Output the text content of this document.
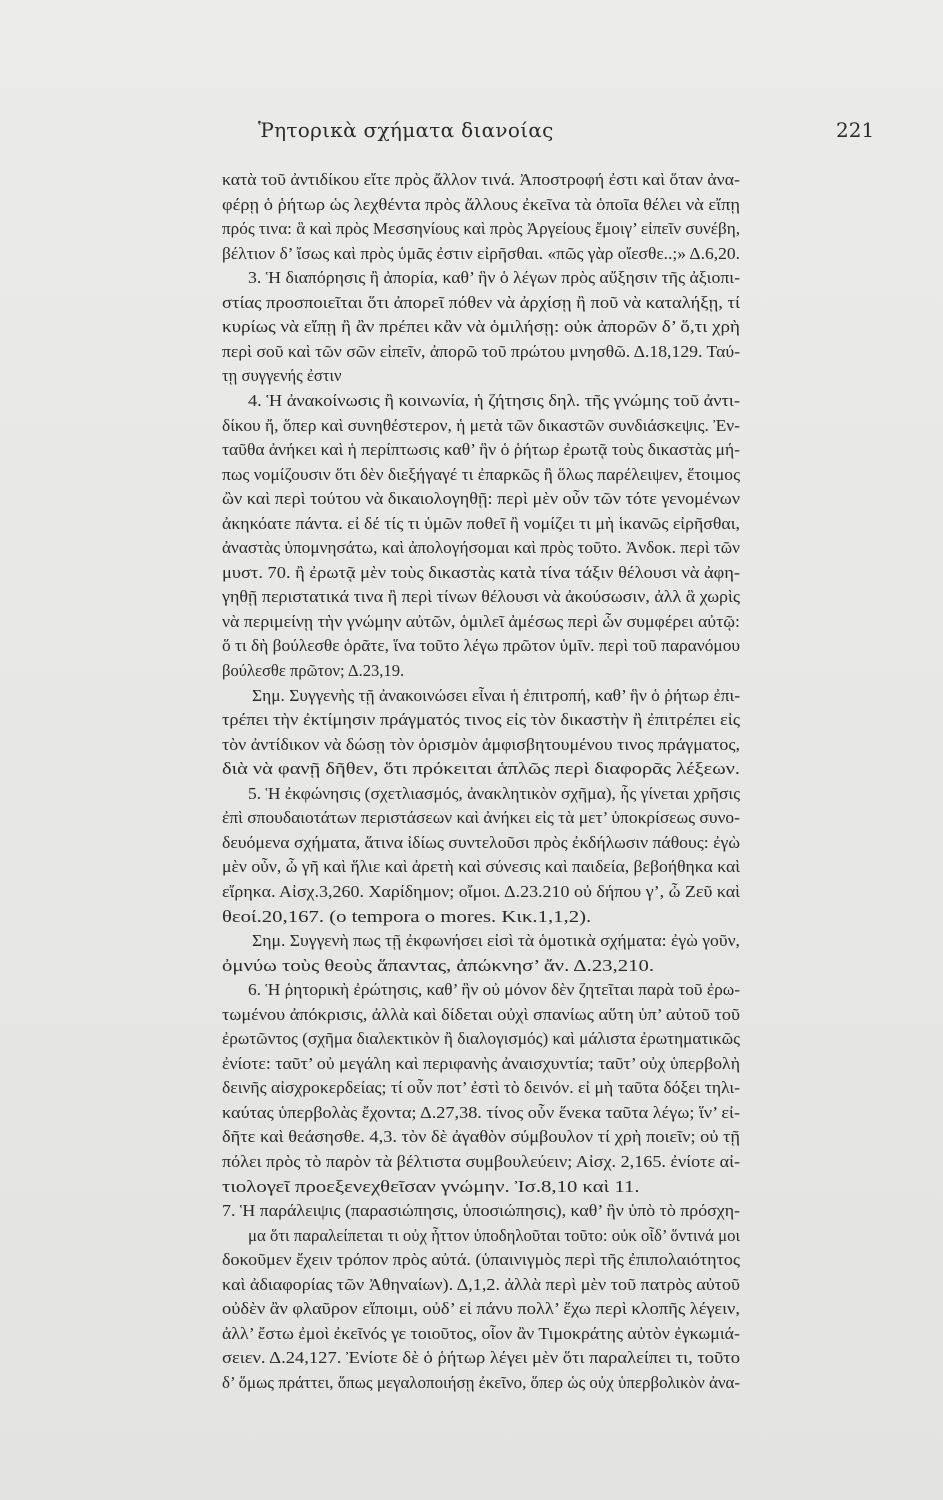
Ῥητορικὰ σχήματα διανοίας	221
κατὰ τοῦ ἀντιδίκου εἴτε πρὸς ἄλλον τινά. Ἀποστροφή ἐστι καὶ ὅταν ἀνα-
φέρῃ ὁ ῥήτωρ ὡς λεχθέντα πρὸς ἄλλους ἐκεῖνα τὰ ὁποῖα θέλει νὰ εἴπῃ
πρός τινα: ἃ καὶ πρὸς Μεσσηνίους καὶ πρὸς Ἀργείους ἔμοιγ’ εἰπεῖν συνέβη,
βέλτιον δ’ ἴσως καὶ πρὸς ὑμᾶς ἐστιν εἰρῆσθαι. «πῶς γὰρ οἴεσθε..;» Δ.6,20.
3. Ἡ διαπόρησις ἢ ἀπορία, καθ’ ἣν ὁ λέγων πρὸς αὔξησιν τῆς ἀξιοπι-
στίας προσποιεῖται ὅτι ἀπορεῖ πόθεν νὰ ἀρχίσῃ ἢ ποῦ νὰ καταλήξῃ, τί
κυρίως νὰ εἴπῃ ἢ ἂν πρέπει κἂν νὰ ὁμιλήσῃ: οὐκ ἀπορῶν δ’ ὅ,τι χρὴ
περὶ σοῦ καὶ τῶν σῶν εἰπεῖν, ἀπορῶ τοῦ πρώτου μνησθῶ. Δ.18,129. Ταύ-
τῃ συγγενής ἐστιν
4. Ἡ ἀνακοίνωσις ἢ κοινωνία, ἡ ζήτησις δηλ. τῆς γνώμης τοῦ ἀντι-
δίκου ἤ, ὅπερ καὶ συνηθέστερον, ἡ μετὰ τῶν δικαστῶν συνδιάσκεψις. Ἐν-
ταῦθα ἀνήκει καὶ ἡ περίπτωσις καθ’ ἣν ὁ ῥήτωρ ἐρωτᾷ τοὺς δικαστὰς μή-
πως νομίζουσιν ὅτι δὲν διεξήγαγέ τι ἐπαρκῶς ἢ ὅλως παρέλειψεν, ἕτοιμος
ὢν καὶ περὶ τούτου νὰ δικαιολογηθῇ: περὶ μὲν οὖν τῶν τότε γενομένων
ἀκηκόατε πάντα. εἰ δέ τίς τι ὑμῶν ποθεῖ ἢ νομίζει τι μὴ ἱκανῶς εἰρῆσθαι,
ἀναστὰς ὑπομνησάτω, καὶ ἀπολογήσομαι καὶ πρὸς τοῦτο. Ἀνδοκ. περὶ τῶν
μυστ. 70. ἢ ἐρωτᾷ μὲν τοὺς δικαστὰς κατὰ τίνα τάξιν θέλουσι νὰ ἀφη-
γηθῇ περιστατικά τινα ἢ περὶ τίνων θέλουσι νὰ ἀκούσωσιν, ἀλλ ἃ χωρὶς
νὰ περιμείνῃ τὴν γνώμην αὐτῶν, ὁμιλεῖ ἀμέσως περὶ ὧν συμφέρει αὐτῷ:
ὅ τι δὴ βούλεσθε ὁρᾶτε, ἵνα τοῦτο λέγω πρῶτον ὑμῖν. περὶ τοῦ παρανόμου
βούλεσθε πρῶτον; Δ.23,19.
Σημ. Συγγενὴς τῇ ἀνακοινώσει εἶναι ἡ ἐπιτροπή, καθ’ ἣν ὁ ῥήτωρ ἐπι-
τρέπει τὴν ἐκτίμησιν πράγματός τινος εἰς τὸν δικαστὴν ἢ ἐπιτρέπει εἰς
τὸν ἀντίδικον νὰ δώσῃ τὸν ὁρισμὸν ἀμφισβητουμένου τινος πράγματος,
διὰ νὰ φανῇ δῆθεν, ὅτι πρόκειται ἁπλῶς περὶ διαφορᾶς λέξεων.
5. Ἡ ἐκφώνησις (σχετλιασμός, ἀνακλητικὸν σχῆμα), ἧς γίνεται χρῆσις
ἐπὶ σπουδαιοτάτων περιστάσεων καὶ ἀνήκει εἰς τὰ μετ’ ὑποκρίσεως συνο-
δευόμενα σχήματα, ἅτινα ἰδίως συντελοῦσι πρὸς ἐκδήλωσιν πάθους: ἐγὼ
μὲν οὖν, ὦ γῆ καὶ ἥλιε καὶ ἀρετὴ καὶ σύνεσις καὶ παιδεία, βεβοήθηκα καὶ
εἴρηκα. Αἰσχ.3,260. Χαρίδημον; οἴμοι. Δ.23.210 οὐ δήπου γ’, ὦ Ζεῦ καὶ
θεοί.20,167. (o tempora o mores. Κικ.1,1,2).
Σημ. Συγγενὴ πως τῇ ἐκφωνήσει εἰσὶ τὰ ὁμοτικὰ σχήματα: ἐγὼ γοῦν,
ὀμνύω τοὺς θεοὺς ἅπαντας, ἀπώκνησ’ ἄν. Δ.23,210.
6. Ἡ ῥητορικὴ ἐρώτησις, καθ’ ἣν οὐ μόνον δὲν ζητεῖται παρὰ τοῦ ἐρω-
τωμένου ἀπόκρισις, ἀλλὰ καὶ δίδεται οὐχὶ σπανίως αὕτη ὑπ’ αὐτοῦ τοῦ
ἐρωτῶντος (σχῆμα διαλεκτικὸν ἢ διαλογισμός) καὶ μάλιστα ἐρωτηματικῶς
ἐνίοτε: ταῦτ’ οὐ μεγάλη καὶ περιφανὴς ἀναισχυντία; ταῦτ’ οὐχ ὑπερβολὴ
δεινῆς αἰσχροκερδείας; τί οὖν ποτ’ ἐστὶ τὸ δεινόν. εἰ μὴ ταῦτα δόξει τηλι-
καύτας ὑπερβολὰς ἔχοντα; Δ.27,38. τίνος οὖν ἕνεκα ταῦτα λέγω; ἵν’ εἰ-
δῆτε καὶ θεάσησθε. 4,3. τὸν δὲ ἀγαθὸν σύμβουλον τί χρὴ ποιεῖν; οὐ τῇ
πόλει πρὸς τὸ παρὸν τὰ βέλτιστα συμβουλεύειν; Αἰσχ. 2,165. ἐνίοτε αἰ-
τιολογεῖ προεξενεχθεῖσαν γνώμην. Ἰσ.8,10 καὶ 11.
7. Ἡ παράλειψις (παρασιώπησις, ὑποσιώπησις), καθ’ ἣν ὑπὸ τὸ πρόσχη-
μα ὅτι παραλείπεται τι οὐχ ἧττον ὑποδηλοῦται τοῦτο: οὐκ οἶδ’ ὅντινά μοι
δοκοῦμεν ἔχειν τρόπον πρὸς αὐτά. (ὑπαινιγμὸς περὶ τῆς ἐπιπολαιότητος
καὶ ἀδιαφορίας τῶν Ἀθηναίων). Δ,1,2. ἀλλὰ περὶ μὲν τοῦ πατρὸς αὐτοῦ
οὐδὲν ἂν φλαῦρον εἴποιμι, οὐδ’ εἰ πάνυ πολλ’ ἔχω περὶ κλοπῆς λέγειν,
ἀλλ’ ἔστω ἐμοὶ ἐκεῖνός γε τοιοῦτος, οἷον ἂν Τιμοκράτης αὐτὸν ἐγκωμιά-
σειεν. Δ.24,127. Ἐνίοτε δὲ ὁ ῥήτωρ λέγει μὲν ὅτι παραλείπει τι, τοῦτο
δ’ ὅμως πράττει, ὅπως μεγαλοποιήσῃ ἐκεῖνο, ὅπερ ὡς οὐχ ὑπερβολικὸν ἀνα-
